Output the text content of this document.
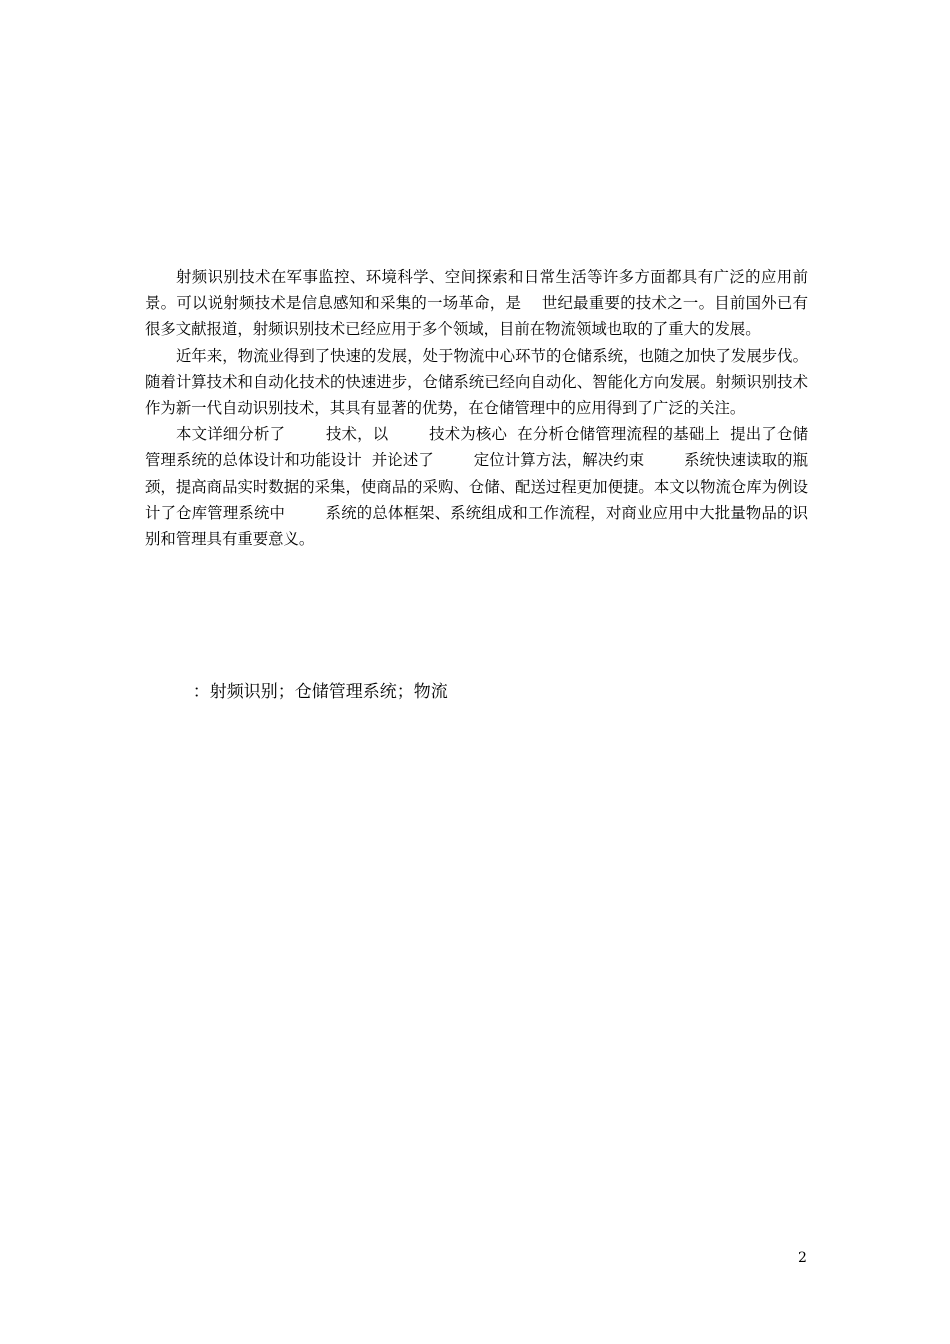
射频识别技术在军事监控、环境科学、空间探索和日常生活等许多方面都具有广泛的应用前景。可以说射频技术是信息感知和采集的一场革命，是    世纪最重要的技术之一。目前国外已有很多文献报道，射频识别技术已经应用于多个领域，目前在物流领域也取的了重大的发展。

近年来，物流业得到了快速的发展，处于物流中心环节的仓储系统，也随之加快了发展步伐。随着计算技术和自动化技术的快速进步，仓储系统已经向自动化、智能化方向发展。射频识别技术作为新一代自动识别技术，其具有显著的优势，在仓储管理中的应用得到了广泛的关注。

本文详细分析了        技术，以        技术为核心  在分析仓储管理流程的基础上  提出了仓储管理系统的总体设计和功能设计  并论述了        定位计算方法，解决约束        系统快速读取的瓶颈，提高商品实时数据的采集，使商品的采购、仓储、配送过程更加便捷。本文以物流仓库为例设计了仓库管理系统中        系统的总体框架、系统组成和工作流程，对商业应用中大批量物品的识别和管理具有重要意义。

：射频识别；仓储管理系统；物流
2
